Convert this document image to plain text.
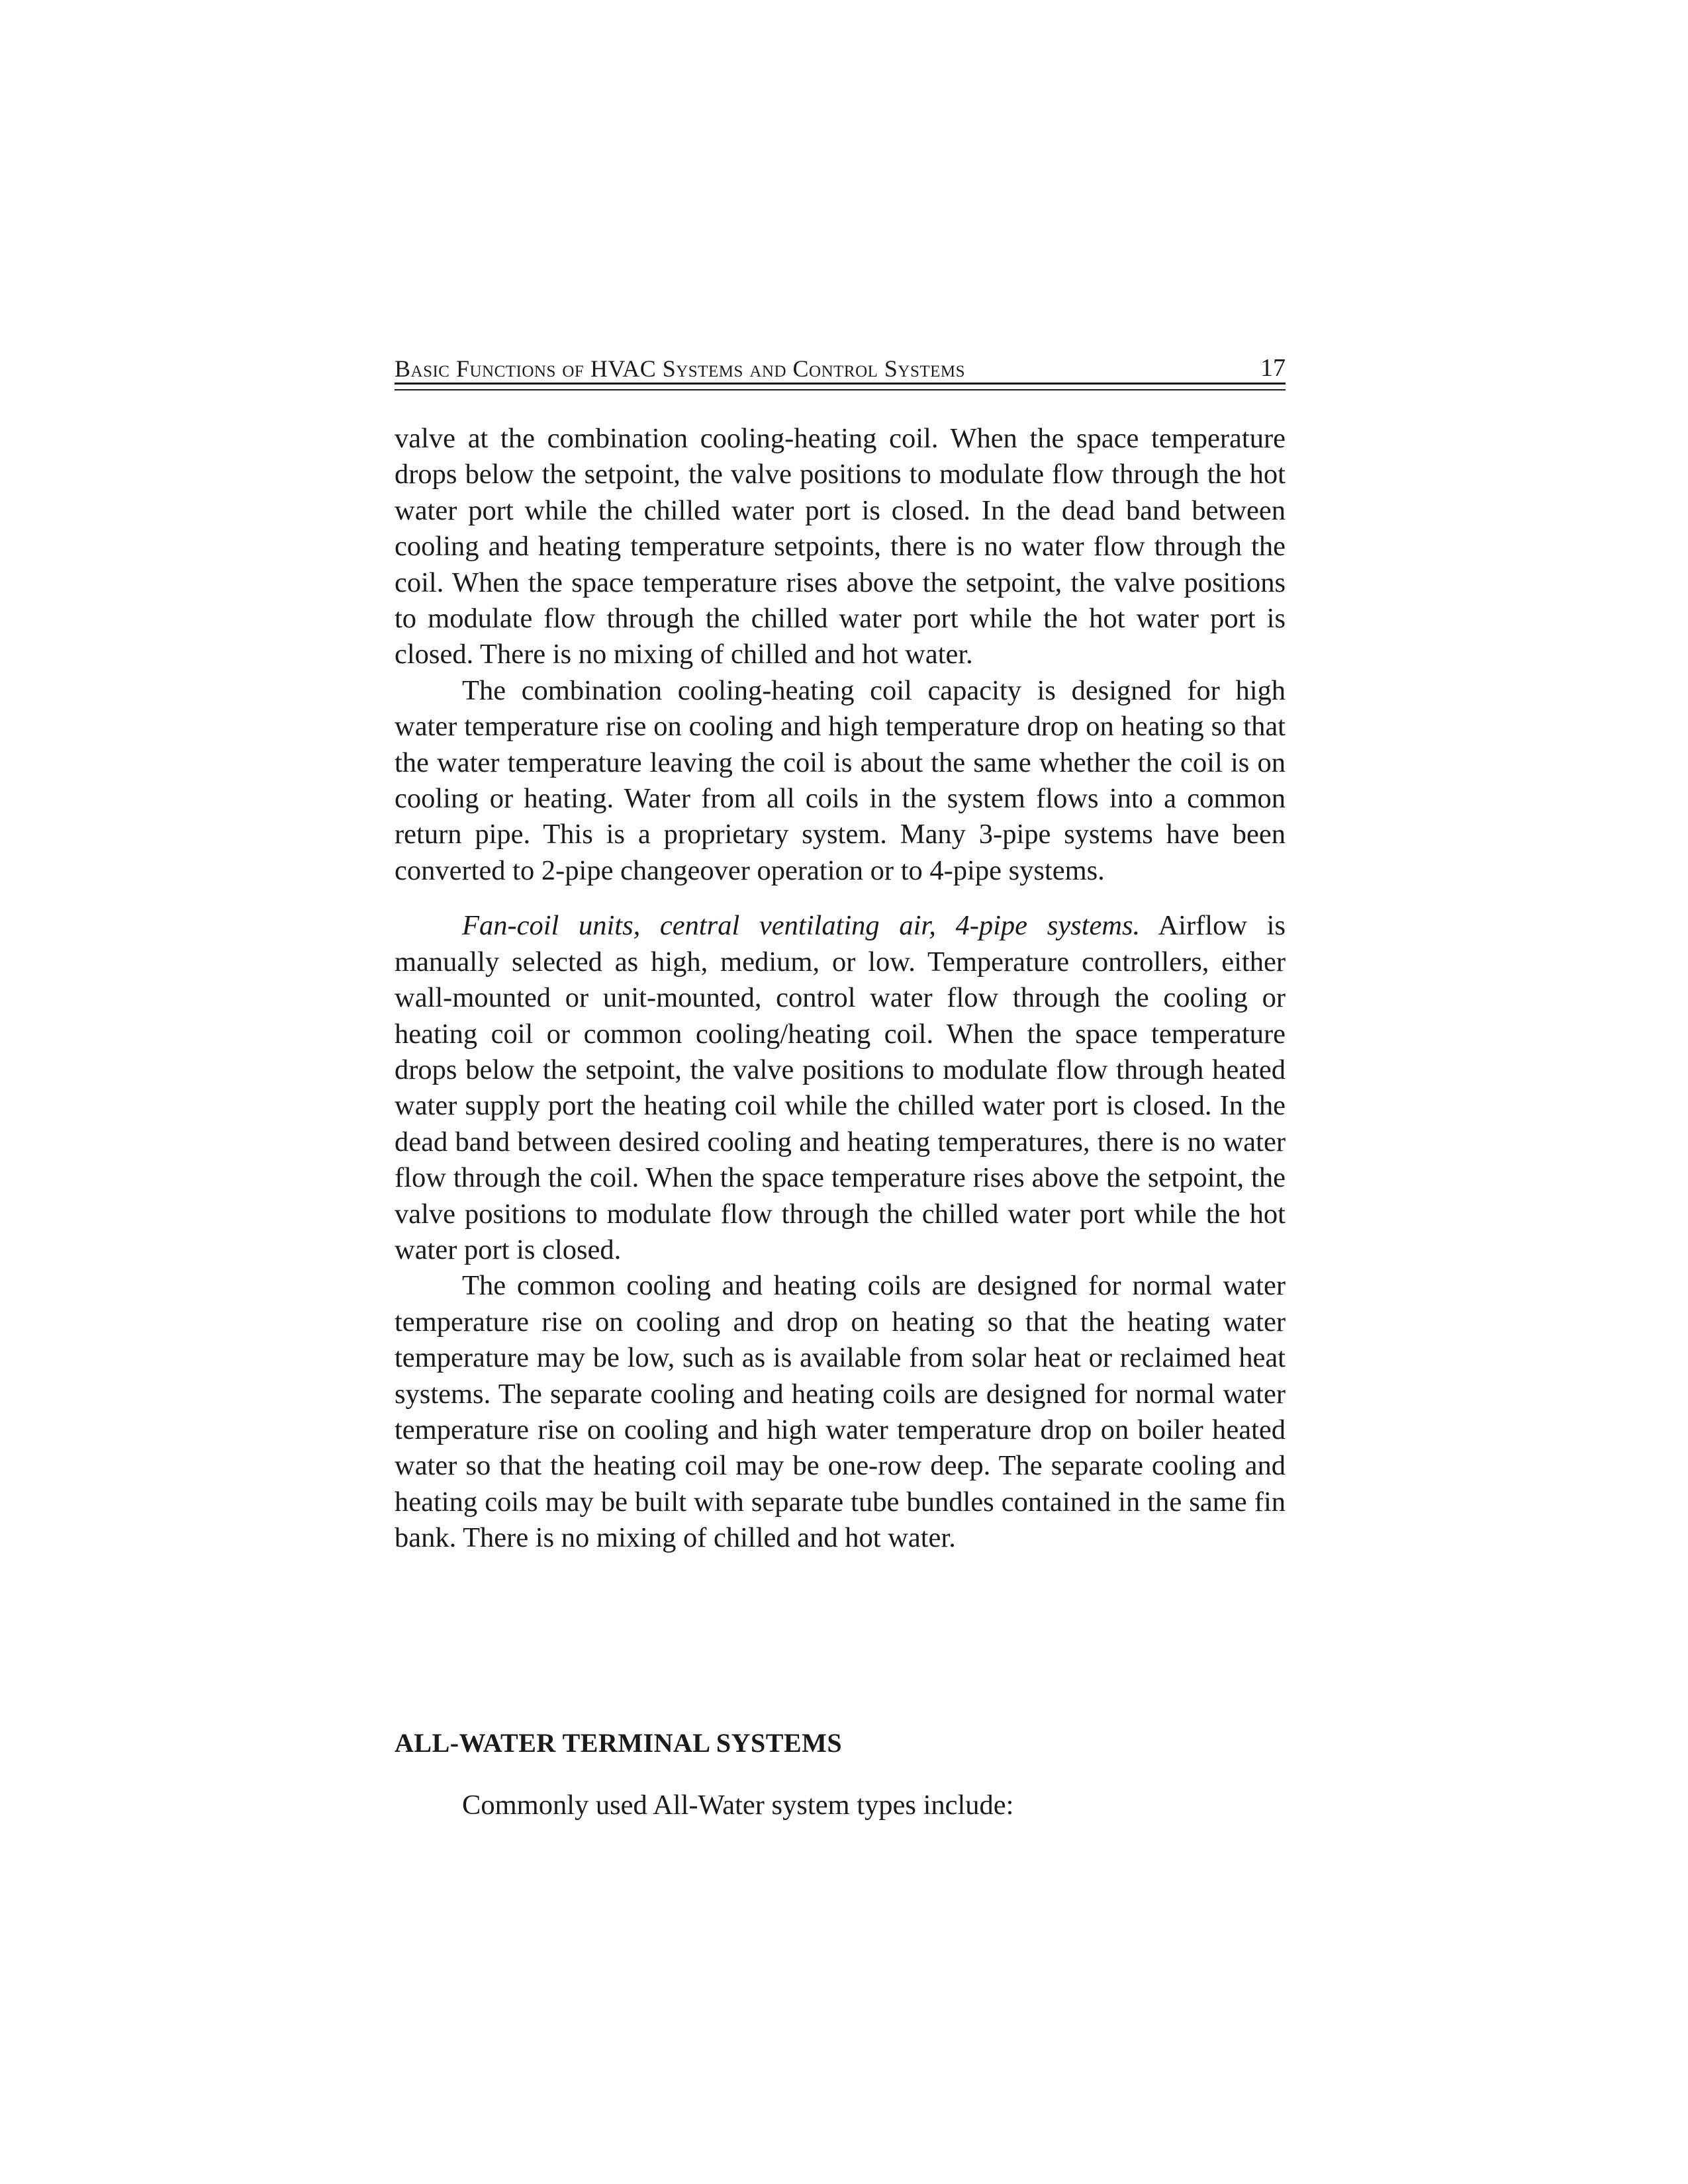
Basic Functions of HVAC Systems and Control Systems	17

valve at the combination cooling-heating coil. When the space temperature drops below the setpoint, the valve positions to modulate flow through the hot water port while the chilled water port is closed. In the dead band between cooling and heating temperature setpoints, there is no water flow through the coil. When the space temperature rises above the setpoint, the valve positions to modulate flow through the chilled water port while the hot water port is closed. There is no mixing of chilled and hot water.

The combination cooling-heating coil capacity is designed for high water temperature rise on cooling and high temperature drop on heating so that the water temperature leaving the coil is about the same whether the coil is on cooling or heating. Water from all coils in the system flows into a common return pipe. This is a proprietary system. Many 3-pipe systems have been converted to 2-pipe changeover operation or to 4-pipe systems.

Fan-coil units, central ventilating air, 4-pipe systems. Airflow is manually selected as high, medium, or low. Temperature controllers, either wall-mounted or unit-mounted, control water flow through the cooling or heating coil or common cooling/heating coil. When the space temperature drops below the setpoint, the valve positions to modulate flow through heated water supply port the heating coil while the chilled water port is closed. In the dead band between desired cooling and heating temperatures, there is no water flow through the coil. When the space temperature rises above the setpoint, the valve positions to modulate flow through the chilled water port while the hot water port is closed.

The common cooling and heating coils are designed for normal water temperature rise on cooling and drop on heating so that the heating water temperature may be low, such as is available from solar heat or reclaimed heat systems. The separate cooling and heating coils are designed for normal water temperature rise on cooling and high water temperature drop on boiler heated water so that the heating coil may be one-row deep. The separate cooling and heating coils may be built with separate tube bundles contained in the same fin bank. There is no mixing of chilled and hot water.

ALL-WATER TERMINAL SYSTEMS
Commonly used All-Water system types include:
